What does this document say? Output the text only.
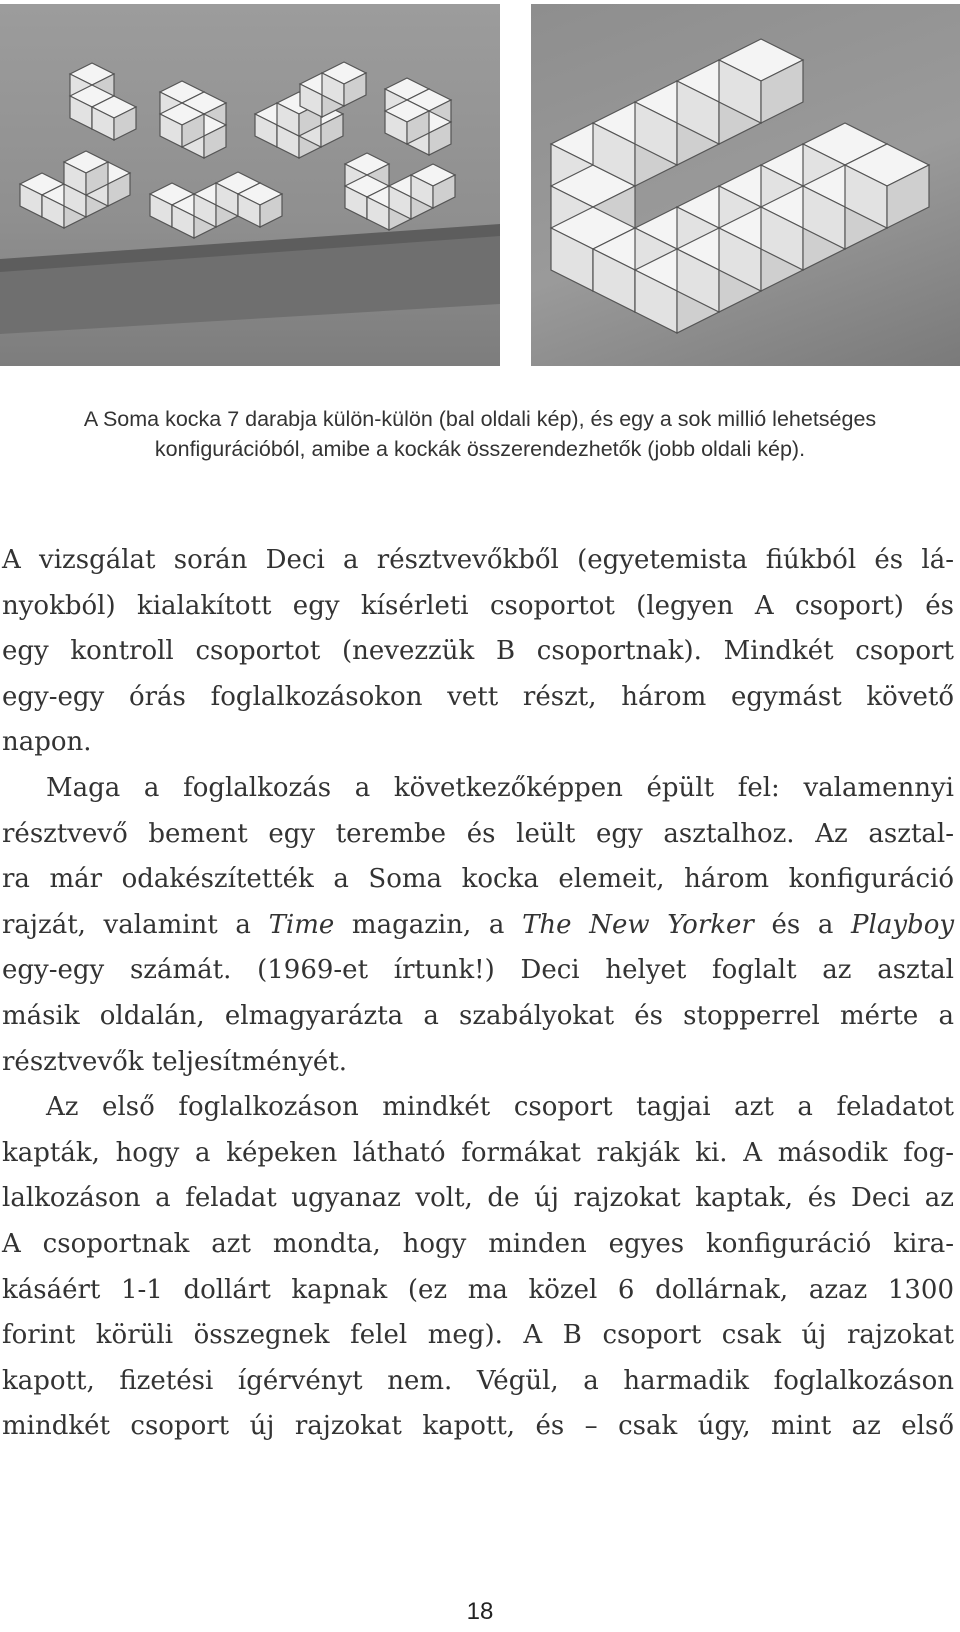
A Soma kocka 7 darabja külön-külön (bal oldali kép), és egy a sok millió lehetséges
konfigurációból, amibe a kockák összerendezhetők (jobb oldali kép).
A vizsgálat során Deci a résztvevőkből (egyetemista fiúkból és lá-
nyokból) kialakított egy kísérleti csoportot (legyen A csoport) és
egy kontroll csoportot (nevezzük B csoportnak). Mindkét csoport
egy-egy órás foglalkozásokon vett részt, három egymást követő
napon.
Maga a foglalkozás a következőképpen épült fel: valamennyi
résztvevő bement egy terembe és leült egy asztalhoz. Az asztal-
ra már odakészítették a Soma kocka elemeit, három konfiguráció
rajzát, valamint a Time magazin, a The New Yorker és a Playboy
egy-egy számát. (1969-et írtunk!) Deci helyet foglalt az asztal
másik oldalán, elmagyarázta a szabályokat és stopperrel mérte a
résztvevők teljesítményét.
Az első foglalkozáson mindkét csoport tagjai azt a feladatot
kapták, hogy a képeken látható formákat rakják ki. A második fog-
lalkozáson a feladat ugyanaz volt, de új rajzokat kaptak, és Deci az
A csoportnak azt mondta, hogy minden egyes konfiguráció kira-
kásáért 1-1 dollárt kapnak (ez ma közel 6 dollárnak, azaz 1300
forint körüli összegnek felel meg). A B csoport csak új rajzokat
kapott, fizetési ígérvényt nem. Végül, a harmadik foglalkozáson
mindkét csoport új rajzokat kapott, és – csak úgy, mint az első
18
